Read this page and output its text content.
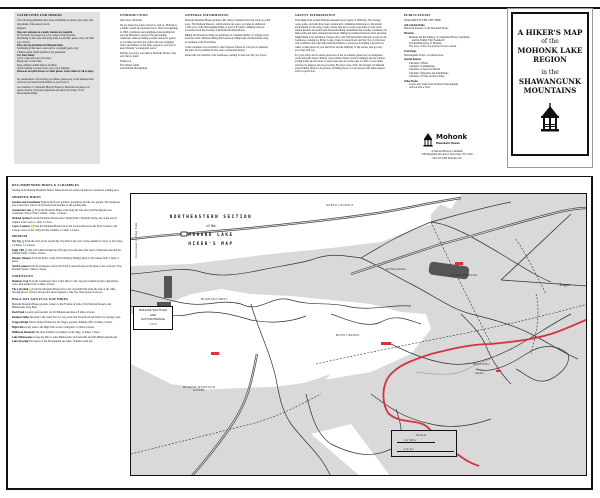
GUIDELINES FOR HIKERS

The following guidelines have been established to ensure your safety and enjoyment of the natural world.

Register.
Dogs are welcome on a leash; leashes are required.
No alcoholic beverages are to be carried on the grounds.
Picnicking on the rocks and along trails is welcome; please carry out what you carry in.
Fires are not permitted on Mohonk lands.
Swimming in the lake is reserved for overnight guests only.
Climbers must obtain permits at the gatehouse.
For Your Safety:
Carry a map and your cell phone.
Please stay on the trails.
Keep children within sight at all times.
Avoid walking on steep rocks; wet rock is slippery.
Please do not pick flowers or other plants. Leave them for all to enjoy.

In consideration of protecting good hikes, please stay on the marked trails and leave the natural environment as you found it.

As a member of a National Historic Preserve, Mohonk welcomes you; please observe all posted regulations and enjoy the beauty of the Shawangunk Ridge.

INTRODUCTION

Welcome to Mohonk.

We are pleased you have chosen to visit us. Mohonk is a family owned and operated resort. Since its beginning in 1869, continuous and enlightened stewardship has allowed Mohonk to preserve the surrounding wilderness while providing a restful retreat for guests, as you hike our trails and walk in the ever-changing views and stillness of the lands, please do your part to keep Mohonk "an unspoiled resort."

Perhaps you enjoy your time at Mohonk. Please come and visit us again.

Thank you,
The Smiley family
and Mohonk Management
GENERAL INFORMATION

Mohonk Mountain House grounds offer miles of marked trails and roads on 2,200 acres. The Mohonk Preserve, which adjoins the resort, provides an additional 7,500 acres of the Shawangunk Ridge. A total of 85 miles of hiking trails are accessible from the doorstep of Mohonk Mountain House.

Biking and horseback riding are permitted on a limited number of carriage roads and none trails. Detailed biking and horseback riding maps and information may be obtained at the Front Desk.

Trash containers are provided for litter disposal. Please do your part to maintain the trails and woodlands in their state of unspoiled beauty.

Restrooms are available at the Gatehouse, parking lot and near Sky Top Tower.

SAFETY INFORMATION

The hiking trails around Mohonk represent every degree of difficulty. The carriage roads, paths, and trails have been constructed to minimize disturbance to the natural environment. In choosing a route, please take into account your skills as well as the natural hazards associated with mountain hiking. Remember that weather conditions can make paths and trails extremely hazardous. Hiking is permitted between dawn and dusk. Night hiking is not permitted. Please refer to the Trail Information Boards, located at the Gatehouse, parking lot, Picnic Lodge, Upper Lookout Road, and Sky Top, for the most trail conditions and other important information to assist you in making a decision on where to hike based on your skill level and the difficulty of the terrain. Always carry your map with you.

For your safety and to ensure protection of the woodlands, please stay on designated roads and paths. Keep children close at hand. Please watch for hunters and use caution at high points and be aware of steep areas that are on the edge of cliffs or rock debris and may be slippery and loose footing. Be sure to note cliffs. We strongly recommend proper hiking attire for all persons, including shoes or boots that provide ankle support and foot protection.

PUBLICATIONS

AVAILABLE IN THE GIFT SHOP

Self-Guided Walks
Historical Features of the Mountain House
Histories
Mohonk and the Smileys: A Centennial History Landmark
and the Family That Founded It
The Reminiscences of Mohonk
The Story of Sky Top and the Tower Lookout
Trail Maps
Shawangunks Trails, a Compass Rose
Special Interest
Checklist of Birds
Checklist of Amphibians
Checklist of Trees and Shrubs
Checklist of Reptiles and Amphibians
Checklist of Ferns and Fern Allies
Other Books
Leaves and Trails from Northern Shawangunks
A Book with a View
Mohonk
Mountain House
A National Historic Landmark
1000 Mountain Rest Road, New Paltz, NY 12561
845-255-1000 mohonk.com
A HIKER'S MAP
of the
MOHONK LAKE
REGION
in the
SHAWANGUNK
MOUNTAINS
RECOMMENDED HIKES & SCRAMBLES

Starting from Mohonk Mountain House. Times shown are round trip times at a moderate walking pace.

SHORTER HIKES

Gardens and Greenhouse Explore the flower gardens, greenhouse and the rose garden. The Gatehouse area is near the Council, and viewing from benches on the garden paths.

Around the Lake From the Mountain House walk along the lake shore and through the rock formations. Views of the Catskills. 1 mile, 1-2 hours.

Mohonk Spring From the Mountain House follow Spring Path to Mohonk Spring, site of the resort's original water source. 1 mile, 1/2 hour.

Cope's Lookout From the Mountain House follow the Lookout Road past the Rock Garden to the lookout, views of the valley and the Catskills. 1/2 mile, 1/2 hour.

MEDIUM

Sky Top From the front porch, ascend Sky Top Path to the tower on the summit for views of five states. 1.4 miles, 1-1/2 hours.

Eagle Cliff This trail winds through the cliff edge above the lake with views of Mohonk Lake and the Wallkill Valley. 2 miles, 2 hours.

Humpty Dumpty From the Picnic Lodge follow Humpty Dumpty Road to the boulder field. 2 miles, 2 hours.

North Lookout From the Gatehouse follow the North Lookout Road past the pines to the overlook of the Rondout Valley. 3 miles, 2 hours.

STRENUOUS

Bonticou Crag From the Gatehouse follow Cedar Drive to the crag and scramble up the conglomerate rocks. Red marked trail. 5 miles, 3 hours.

The Labyrinth From the Mountain House follow the Labyrinth Path along the base of the cliffs, through narrow crevices and up the Lemon Squeeze to Sky Top. Wear proper footwear.

HALF DAY AND FULL DAY HIKES

Mohonk Mountain House grounds connect to the 85 miles of trails of the Mohonk Preserve and Minnewaska State Park.

Rock Pond A scenic pond reached via Old Minnewaska Road. 8 miles, 4 hours.

Rondout Valley Descend to the valley floor by way of the Old Stone Road and return via carriage roads.

Trapps Bridge Follow Undercliff Road to the Trapps, popular climbing cliffs. 10 miles, 5 hours.

High Falls A long walk to the High Falls on the Coxing Kill. 12 miles, 6 hours.

Millbrook Mountain The most dramatic escarpment on the ridge. 14 miles, 7 hours.

Lake Minnewaska A long day hike to Lake Minnewaska via Undercliff and Old Minnewaska Roads.

Lake Awosting The largest of the Shawangunk sky lakes, 16 miles round trip.

MOUNTAIN REST
MOSSY BROOK
BONTICOU
CRAG
Trapps
NORTH LOOKOUT
GATEHOUSE
GUEST PARKING
MOHONK MOUNTAIN HOUSE
Continued on Map Side
MOHONK SHUTTLES
AND
AUTO ENTRANCE
GATE
SCALE
1/2 Mile
1/2 km
NORTHEASTERN SECTION
of the
MOHONK LAKE
HIKER'S MAP
